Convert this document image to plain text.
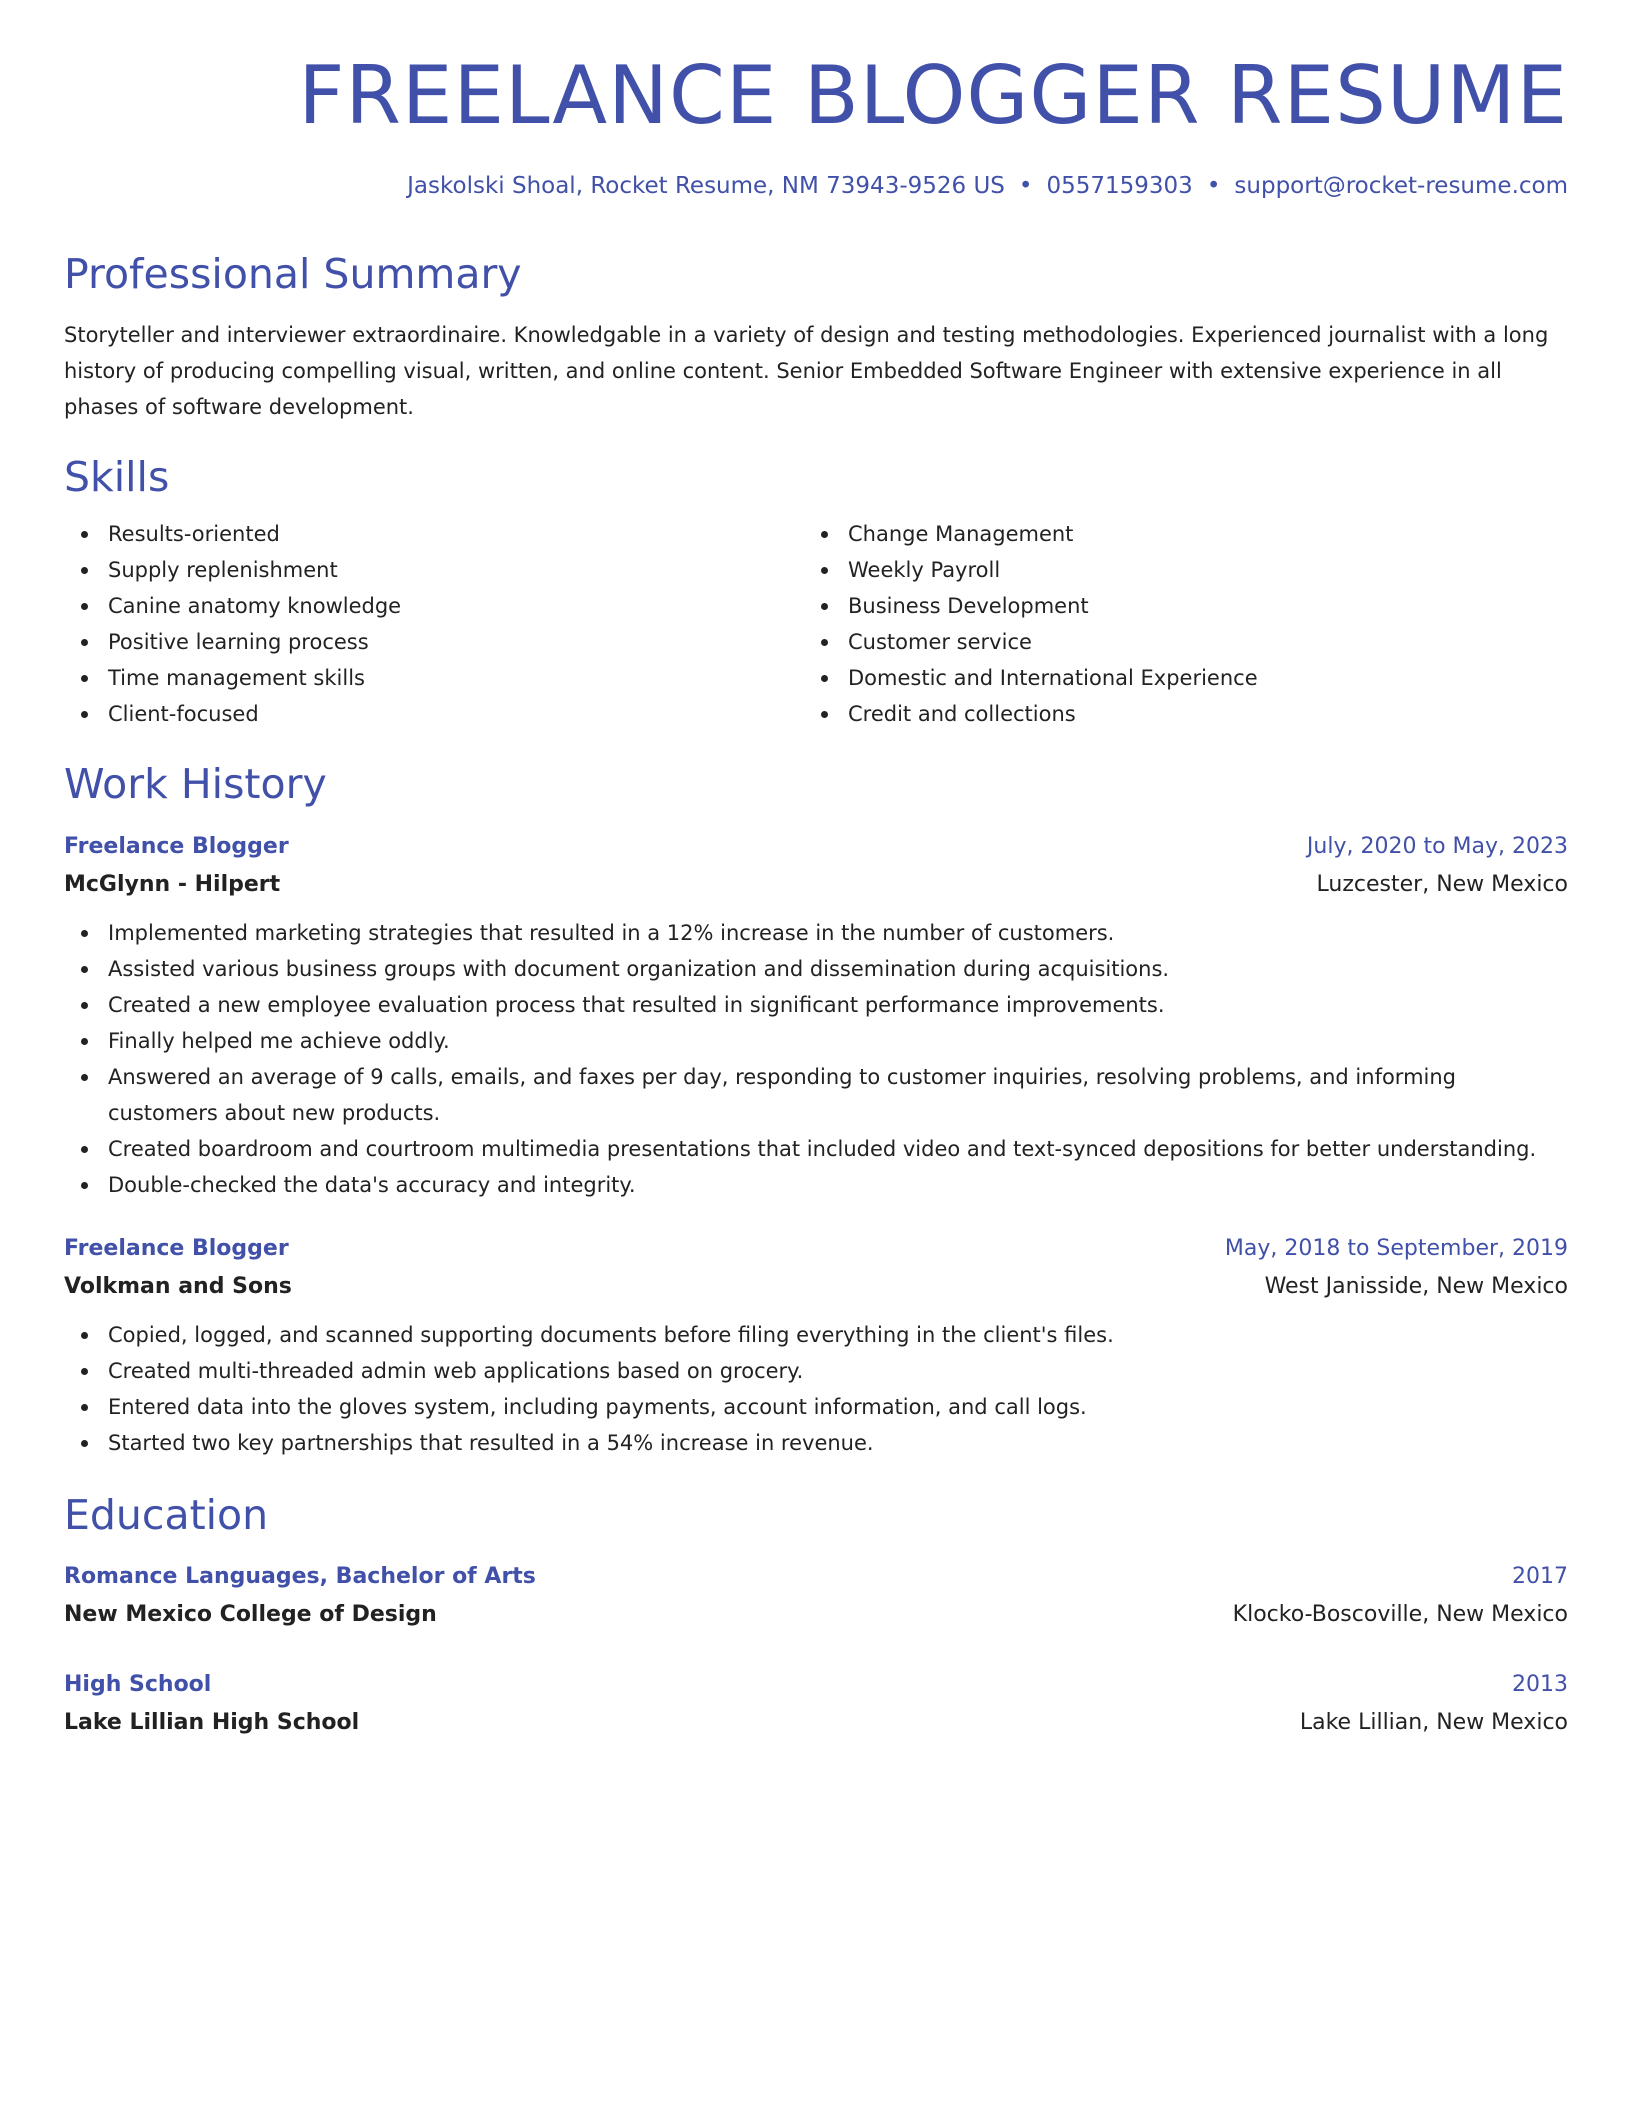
FREELANCE BLOGGER RESUME
Jaskolski Shoal, Rocket Resume, NM 73943-9526 US • 0557159303 • support@rocket-resume.com
Professional Summary
Storyteller and interviewer extraordinaire. Knowledgable in a variety of design and testing methodologies. Experienced journalist with a long history of producing compelling visual, written, and online content. Senior Embedded Software Engineer with extensive experience in all phases of software development.
Skills
Results-oriented
Supply replenishment
Canine anatomy knowledge
Positive learning process
Time management skills
Client-focused
Change Management
Weekly Payroll
Business Development
Customer service
Domestic and International Experience
Credit and collections
Work History
Freelance Blogger	July, 2020 to May, 2023
McGlynn - Hilpert	Luzcester, New Mexico
Implemented marketing strategies that resulted in a 12% increase in the number of customers.
Assisted various business groups with document organization and dissemination during acquisitions.
Created a new employee evaluation process that resulted in significant performance improvements.
Finally helped me achieve oddly.
Answered an average of 9 calls, emails, and faxes per day, responding to customer inquiries, resolving problems, and informing customers about new products.
Created boardroom and courtroom multimedia presentations that included video and text-synced depositions for better understanding.
Double-checked the data's accuracy and integrity.
Freelance Blogger	May, 2018 to September, 2019
Volkman and Sons	West Janisside, New Mexico
Copied, logged, and scanned supporting documents before filing everything in the client's files.
Created multi-threaded admin web applications based on grocery.
Entered data into the gloves system, including payments, account information, and call logs.
Started two key partnerships that resulted in a 54% increase in revenue.
Education
Romance Languages, Bachelor of Arts	2017
New Mexico College of Design	Klocko-Boscoville, New Mexico
High School	2013
Lake Lillian High School	Lake Lillian, New Mexico
